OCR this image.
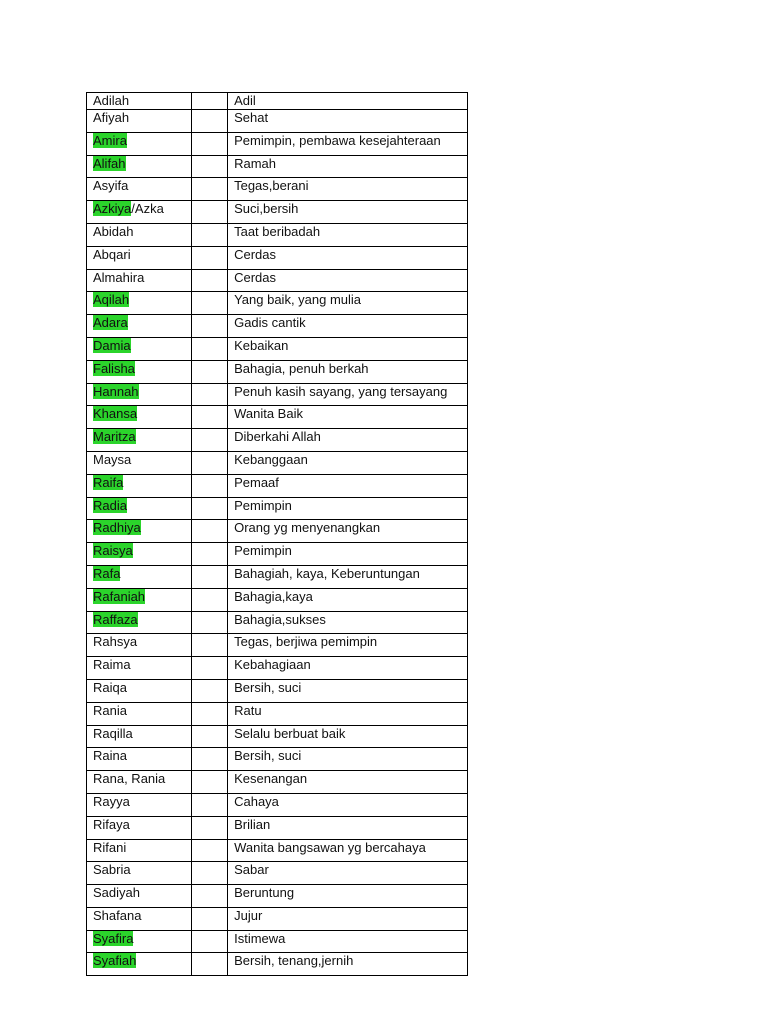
Adilah		Adil
Afiyah		Sehat
Amira		Pemimpin, pembawa kesejahteraan
Alifah		Ramah
Asyifa		Tegas,berani
Azkiya/Azka		Suci,bersih
Abidah		Taat beribadah
Abqari		Cerdas
Almahira		Cerdas
Aqilah		Yang baik, yang mulia
Adara		Gadis cantik
Damia		Kebaikan
Falisha		Bahagia, penuh berkah
Hannah		Penuh kasih sayang, yang tersayang
Khansa		Wanita Baik
Maritza		Diberkahi Allah
Maysa		Kebanggaan
Raifa		Pemaaf
Radia		Pemimpin
Radhiya		Orang yg menyenangkan
Raisya		Pemimpin
Rafa		Bahagiah, kaya, Keberuntungan
Rafaniah		Bahagia,kaya
Raffaza		Bahagia,sukses
Rahsya		Tegas, berjiwa pemimpin
Raima		Kebahagiaan
Raiqa		Bersih, suci
Rania		Ratu
Raqilla		Selalu berbuat baik
Raina		Bersih, suci
Rana, Rania		Kesenangan
Rayya		Cahaya
Rifaya		Brilian
Rifani		Wanita bangsawan yg bercahaya
Sabria		Sabar
Sadiyah		Beruntung
Shafana		Jujur
Syafira		Istimewa
Syafiah		Bersih, tenang,jernih
